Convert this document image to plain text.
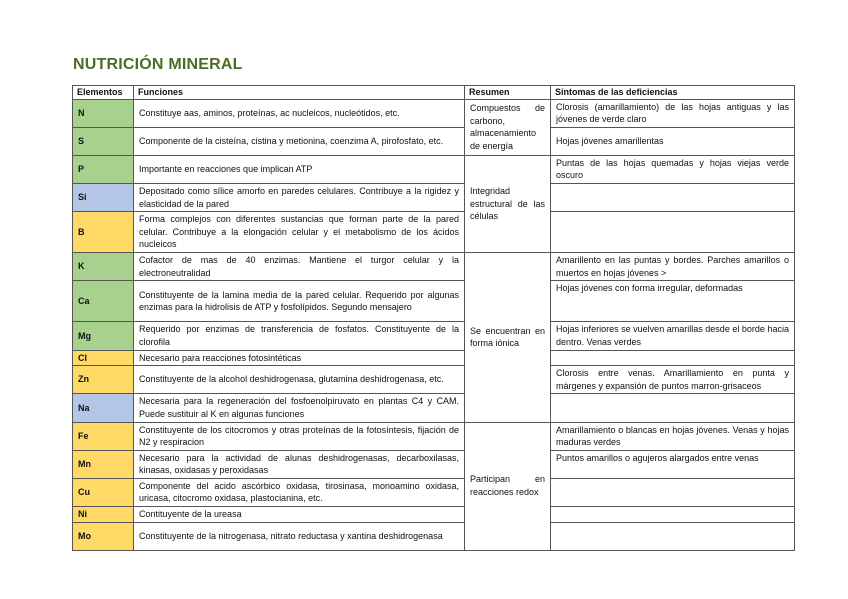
NUTRICIÓN MINERAL
Elementos	Funciones	Resumen	Síntomas de las deficiencias
N	Constituye aas, aminos, proteínas, ac nucleicos, nucleótidos, etc.	Compuestos de carbono, almacenamiento de energía	Clorosis (amarillamiento) de las hojas antiguas y las jóvenes de verde claro
S	Componente de la cisteína, cistina y metionina, coenzima A, pirofosfato, etc.		Hojas jóvenes amarillentas
P	Importante en reacciones que implican ATP	Integridad estructural de las células	Puntas de las hojas quemadas y hojas viejas verde oscuro
Si	Depositado como sílice amorfo en paredes celulares. Contribuye a la rigidez y elasticidad de la pared		
B	Forma complejos con diferentes sustancias que forman parte de la pared celular. Contribuye a la elongación celular y el metabolismo de los ácidos nucleicos		
K	Cofactor de mas de 40 enzimas. Mantiene el turgor celular y la electroneutralidad	Se encuentran en forma iónica	Amarillento en las puntas y bordes. Parches amarillos o muertos en hojas jóvenes >
Ca	Constituyente de la lamina media de la pared celular. Requerido por algunas enzimas para la hidrolisis de ATP y fosfolípidos. Segundo mensajero		Hojas jóvenes con forma irregular, deformadas
Mg	Requerido por enzimas de transferencia de fosfatos. Constituyente de la clorofila		Hojas inferiores se vuelven amarillas desde el borde hacia dentro. Venas verdes
Cl	Necesario para reacciones fotosintéticas		
Zn	Constituyente de la alcohol deshidrogenasa, glutamina deshidrogenasa, etc.		Clorosis entre venas. Amarillamiento en punta y márgenes y expansión de puntos marron-grisaceos
Na	Necesaria para la regeneración del fosfoenolpiruvato en plantas C4 y CAM. Puede sustituir al K en algunas funciones		
Fe	Constituyente de los citocromos y otras proteínas de la fotosíntesis, fijación de N2 y respiracion	Participan en reacciones redox	Amarillamiento o blancas en hojas jóvenes. Venas y hojas maduras verdes
Mn	Necesario para la actividad de alunas deshidrogenasas, decarboxilasas, kinasas, oxidasas y peroxidasas		Puntos amarillos o agujeros alargados entre venas
Cu	Componente del acido ascórbico oxidasa, tirosinasa, monoamino oxidasa, uricasa, citocromo oxidasa, plastocianina, etc.		
Ni	Contituyente de la ureasa		
Mo	Constituyente de la nitrogenasa, nitrato reductasa y xantina deshidrogenasa		
